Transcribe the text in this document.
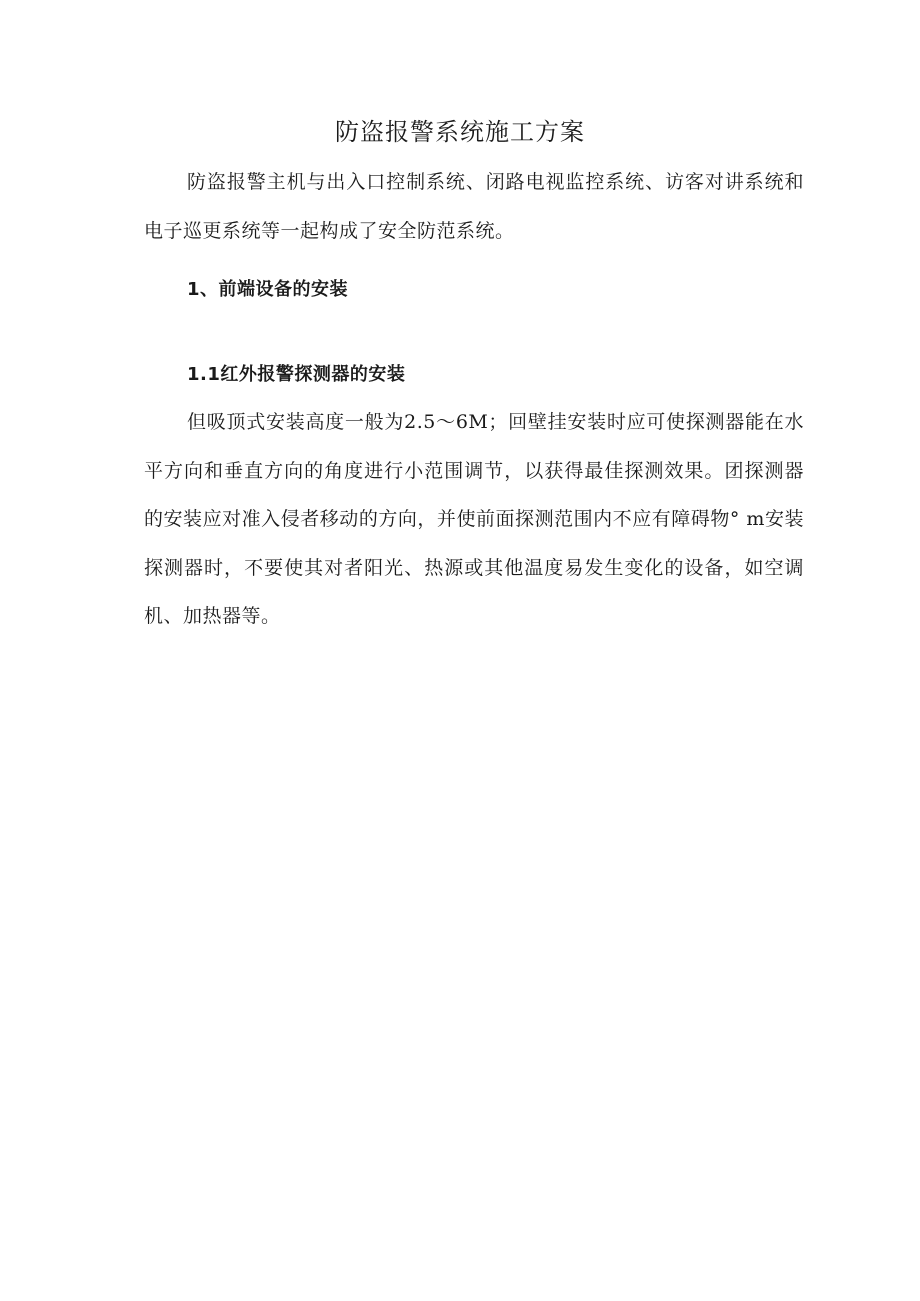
防盗报警系统施工方案

防盗报警主机与出入口控制系统、闭路电视监控系统、访客对讲系统和电子巡更系统等一起构成了安全防范系统。

1、前端设备的安装
1.1红外报警探测器的安装

但吸顶式安装高度一般为2.5～6M；回壁挂安装时应可使探测器能在水平方向和垂直方向的角度进行小范围调节，以获得最佳探测效果。团探测器的安装应对准入侵者移动的方向，并使前面探测范围内不应有障碍物° m安装探测器时，不要使其对者阳光、热源或其他温度易发生变化的设备，如空调机、加热器等。
